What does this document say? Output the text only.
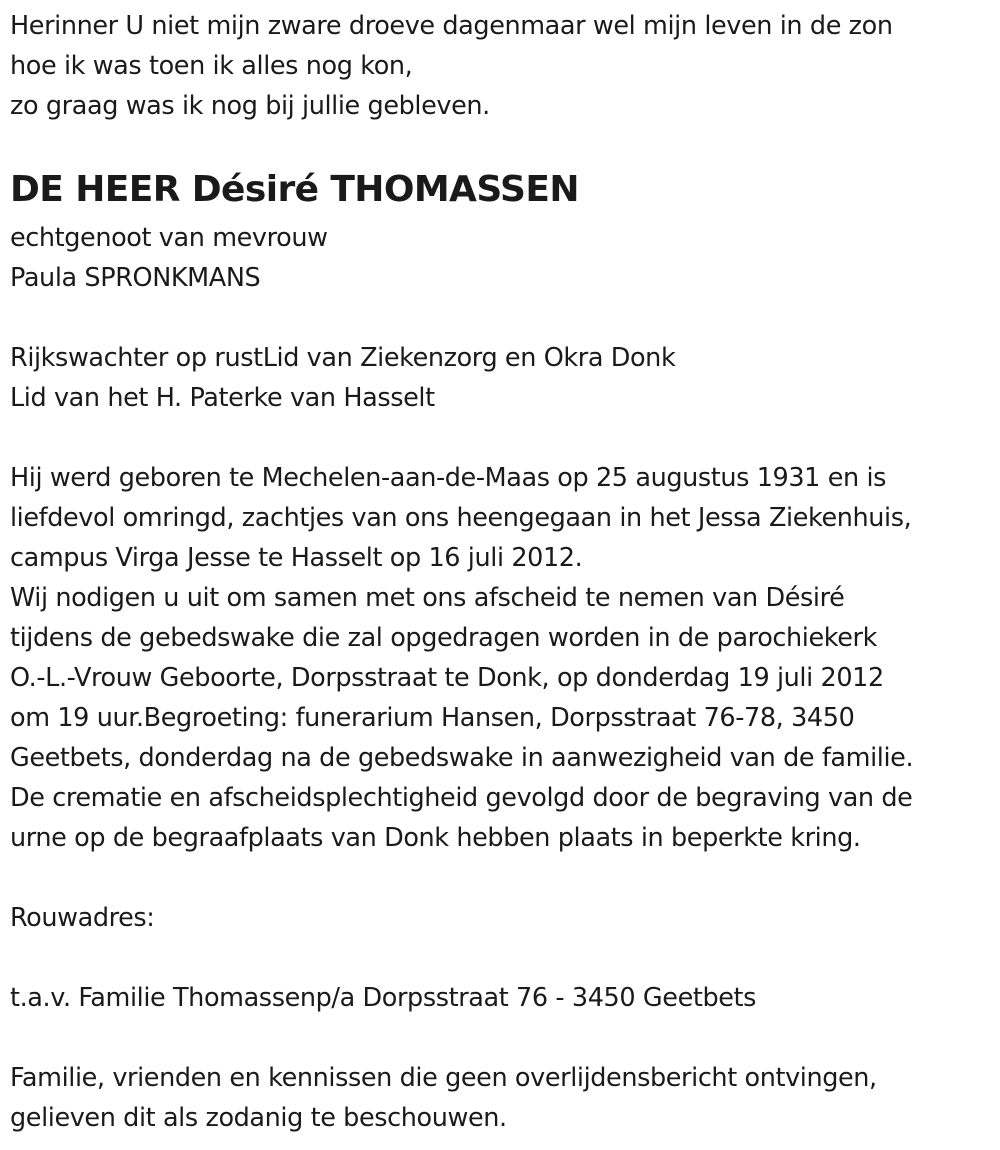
Herinner U niet mijn zware droeve dagenmaar wel mijn leven in de zon
hoe ik was toen ik alles nog kon,
zo graag was ik nog bij jullie gebleven.
DE HEER Désiré THOMASSEN
echtgenoot van mevrouw
Paula SPRONKMANS
Rijkswachter op rustLid van Ziekenzorg en Okra Donk
Lid van het H. Paterke van Hasselt
Hij werd geboren te Mechelen-aan-de-Maas op 25 augustus 1931 en is
liefdevol omringd, zachtjes van ons heengegaan in het Jessa Ziekenhuis,
campus Virga Jesse te Hasselt op 16 juli 2012.
Wij nodigen u uit om samen met ons afscheid te nemen van Désiré
tijdens de gebedswake die zal opgedragen worden in de parochiekerk
O.-L.-Vrouw Geboorte, Dorpsstraat te Donk, op donderdag 19 juli 2012
om 19 uur.Begroeting: funerarium Hansen, Dorpsstraat 76-78, 3450
Geetbets, donderdag na de gebedswake in aanwezigheid van de familie.
De crematie en afscheidsplechtigheid gevolgd door de begraving van de
urne op de begraafplaats van Donk hebben plaats in beperkte kring.
Rouwadres:
t.a.v. Familie Thomassenp/a Dorpsstraat 76 - 3450 Geetbets
Familie, vrienden en kennissen die geen overlijdensbericht ontvingen,
gelieven dit als zodanig te beschouwen.
